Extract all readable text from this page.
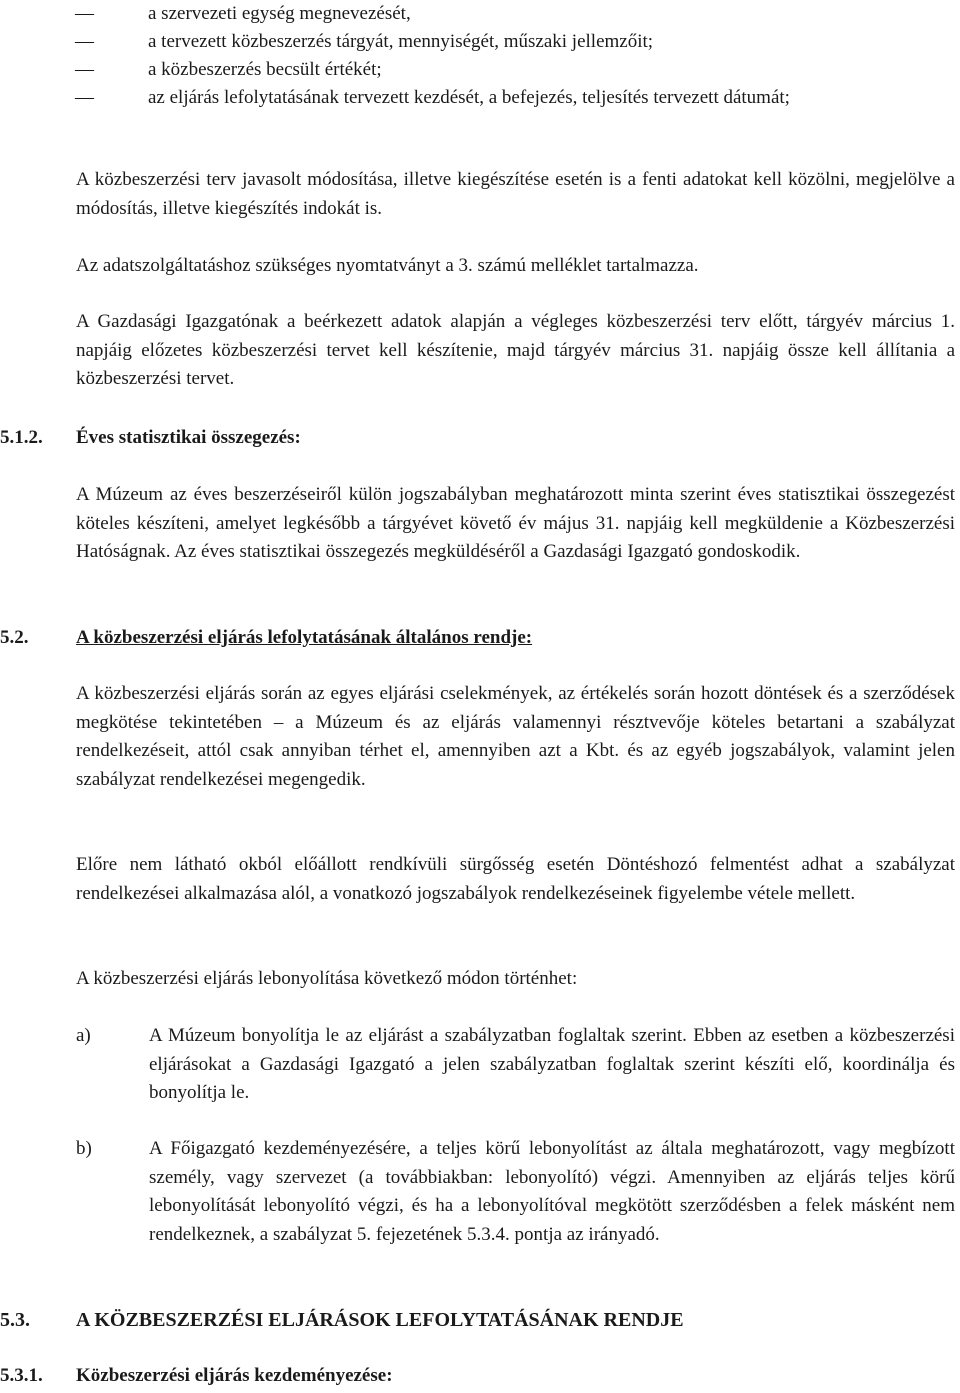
—	a szervezeti egység megnevezését,
—	a tervezett közbeszerzés tárgyát, mennyiségét, műszaki jellemzőit;
—	a közbeszerzés becsült értékét;
—	az eljárás lefolytatásának tervezett kezdését, a befejezés, teljesítés tervezett dátumát;

A közbeszerzési terv javasolt módosítása, illetve kiegészítése esetén is a fenti adatokat kell közölni, megjelölve a módosítás, illetve kiegészítés indokát is.

Az adatszolgáltatáshoz szükséges nyomtatványt a 3. számú melléklet tartalmazza.

A Gazdasági Igazgatónak a beérkezett adatok alapján a végleges közbeszerzési terv előtt, tárgyév március 1. napjáig előzetes közbeszerzési tervet kell készítenie, majd tárgyév március 31. napjáig össze kell állítania a közbeszerzési tervet.

5.1.2. Éves statisztikai összegezés:

A Múzeum az éves beszerzéseiről külön jogszabályban meghatározott minta szerint éves statisztikai összegezést köteles készíteni, amelyet legkésőbb a tárgyévet követő év május 31. napjáig kell megküldenie a Közbeszerzési Hatóságnak. Az éves statisztikai összegezés megküldéséről a Gazdasági Igazgató gondoskodik.

5.2.	A közbeszerzési eljárás lefolytatásának általános rendje:

A közbeszerzési eljárás során az egyes eljárási cselekmények, az értékelés során hozott döntések és a szerződések megkötése tekintetében – a Múzeum és az eljárás valamennyi résztvevője köteles betartani a szabályzat rendelkezéseit, attól csak annyiban térhet el, amennyiben azt a Kbt. és az egyéb jogszabályok, valamint jelen szabályzat rendelkezései megengedik.

Előre nem látható okból előállott rendkívüli sürgősség esetén Döntéshozó felmentést adhat a szabályzat rendelkezései alkalmazása alól, a vonatkozó jogszabályok rendelkezéseinek figyelembe vétele mellett.

A közbeszerzési eljárás lebonyolítása következő módon történhet:

a)	A Múzeum bonyolítja le az eljárást a szabályzatban foglaltak szerint. Ebben az esetben a közbeszerzési eljárásokat a Gazdasági Igazgató a jelen szabályzatban foglaltak szerint készíti elő, koordinálja és bonyolítja le.
b)	A Főigazgató kezdeményezésére, a teljes körű lebonyolítást az általa meghatározott, vagy megbízott személy, vagy szervezet (a továbbiakban: lebonyolító) végzi. Amennyiben az eljárás teljes körű lebonyolítását lebonyolító végzi, és ha a lebonyolítóval megkötött szerződésben a felek másként nem rendelkeznek, a szabályzat 5. fejezetének 5.3.4. pontja az irányadó.
5.3. A KÖZBESZERZÉSI ELJÁRÁSOK LEFOLYTATÁSÁNAK RENDJE
5.3.1. Közbeszerzési eljárás kezdeményezése:
